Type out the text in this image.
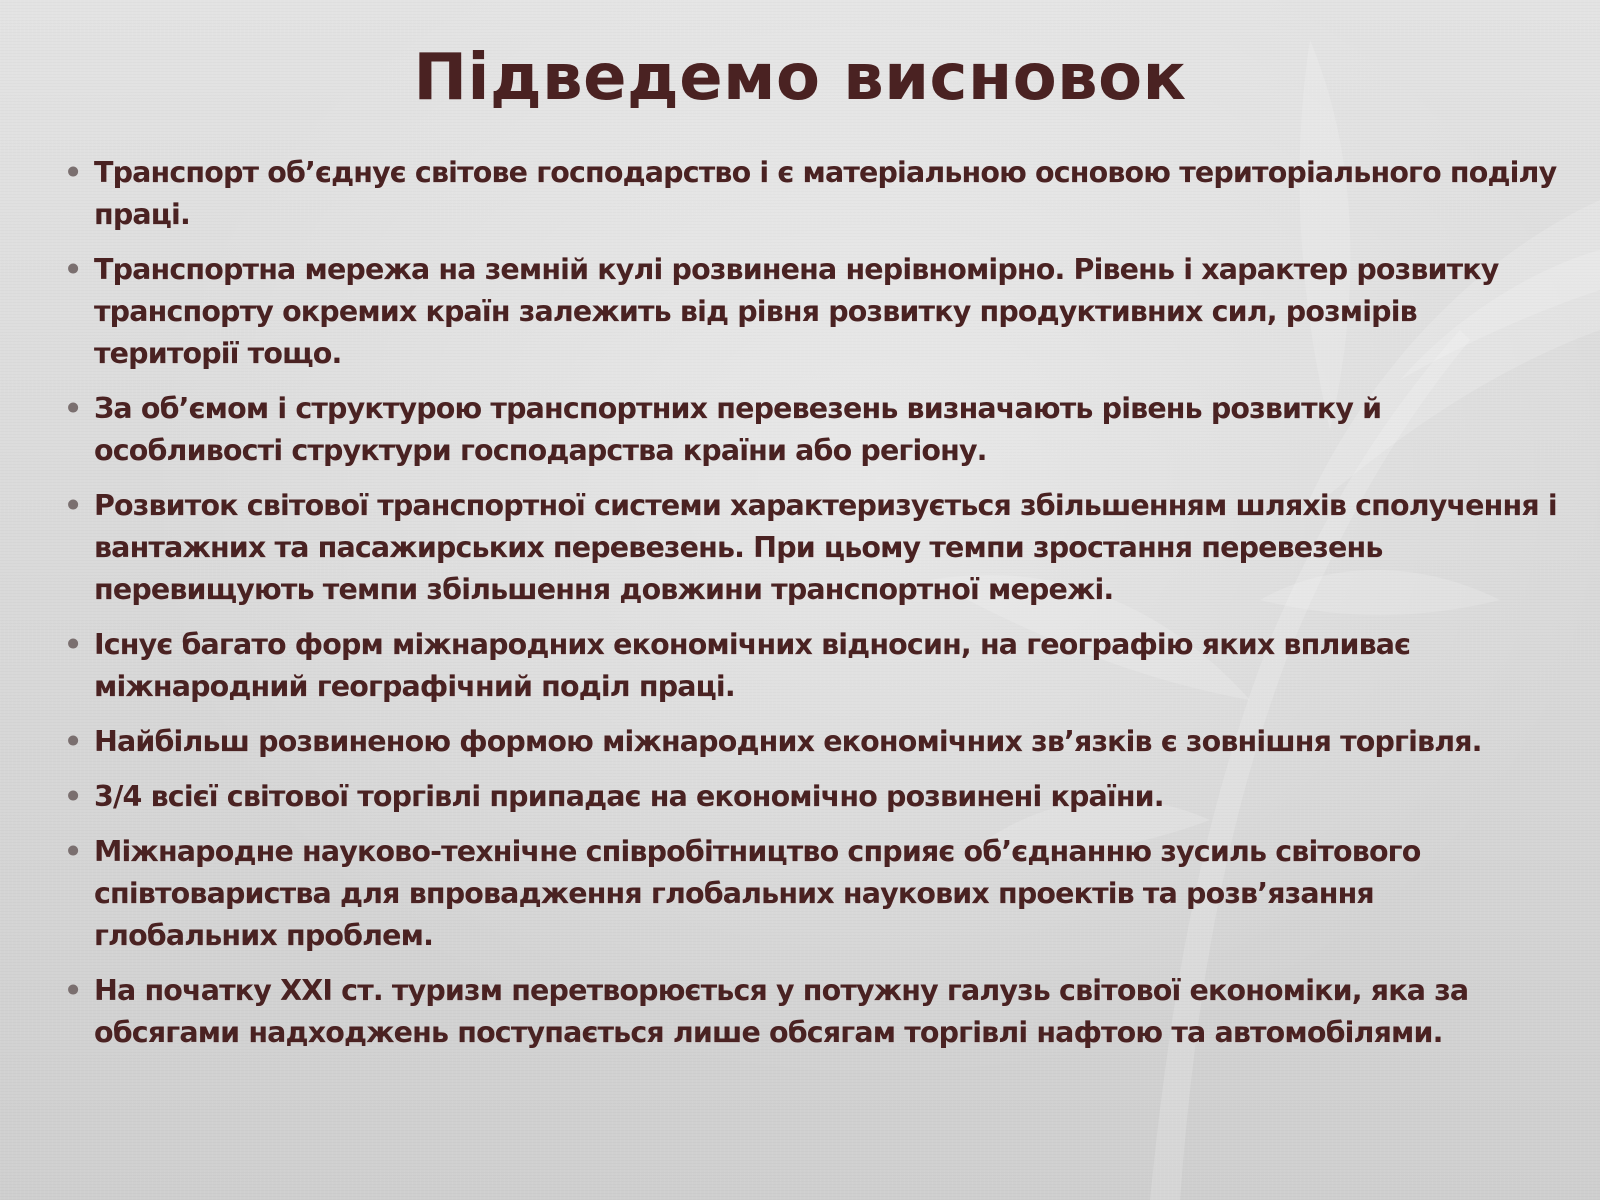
Підведемо висновок
• Транспорт об’єднує світове господарство і є матеріальною основою територіального поділу праці.
• Транспортна мережа на земній кулі розвинена нерівномірно. Рівень і характер розвитку транспорту окремих країн залежить від рівня розвитку продуктивних сил, розмірів території тощо.
• За об’ємом і структурою транспортних перевезень визначають рівень розвитку й особливості структури господарства країни або регіону.
• Розвиток світової транспортної системи характеризується збільшенням шляхів сполучення і вантажних та пасажирських перевезень. При цьому темпи зростання перевезень перевищують темпи збільшення довжини транспортної мережі.
• Існує багато форм міжнародних економічних відносин, на географію яких впливає міжнародний географічний поділ праці.
• Найбільш розвиненою формою міжнародних економічних зв’язків є зовнішня торгівля.
• 3/4 всієї світової торгівлі припадає на економічно розвинені країни.
• Міжнародне науково-технічне співробітництво сприяє об’єднанню зусиль світового співтовариства для впровадження глобальних наукових проектів та розв’язання глобальних проблем.
• На початку XXI ст. туризм перетворюється у потужну галузь світової економіки, яка за обсягами надходжень поступається лише обсягам торгівлі нафтою та автомобілями.
